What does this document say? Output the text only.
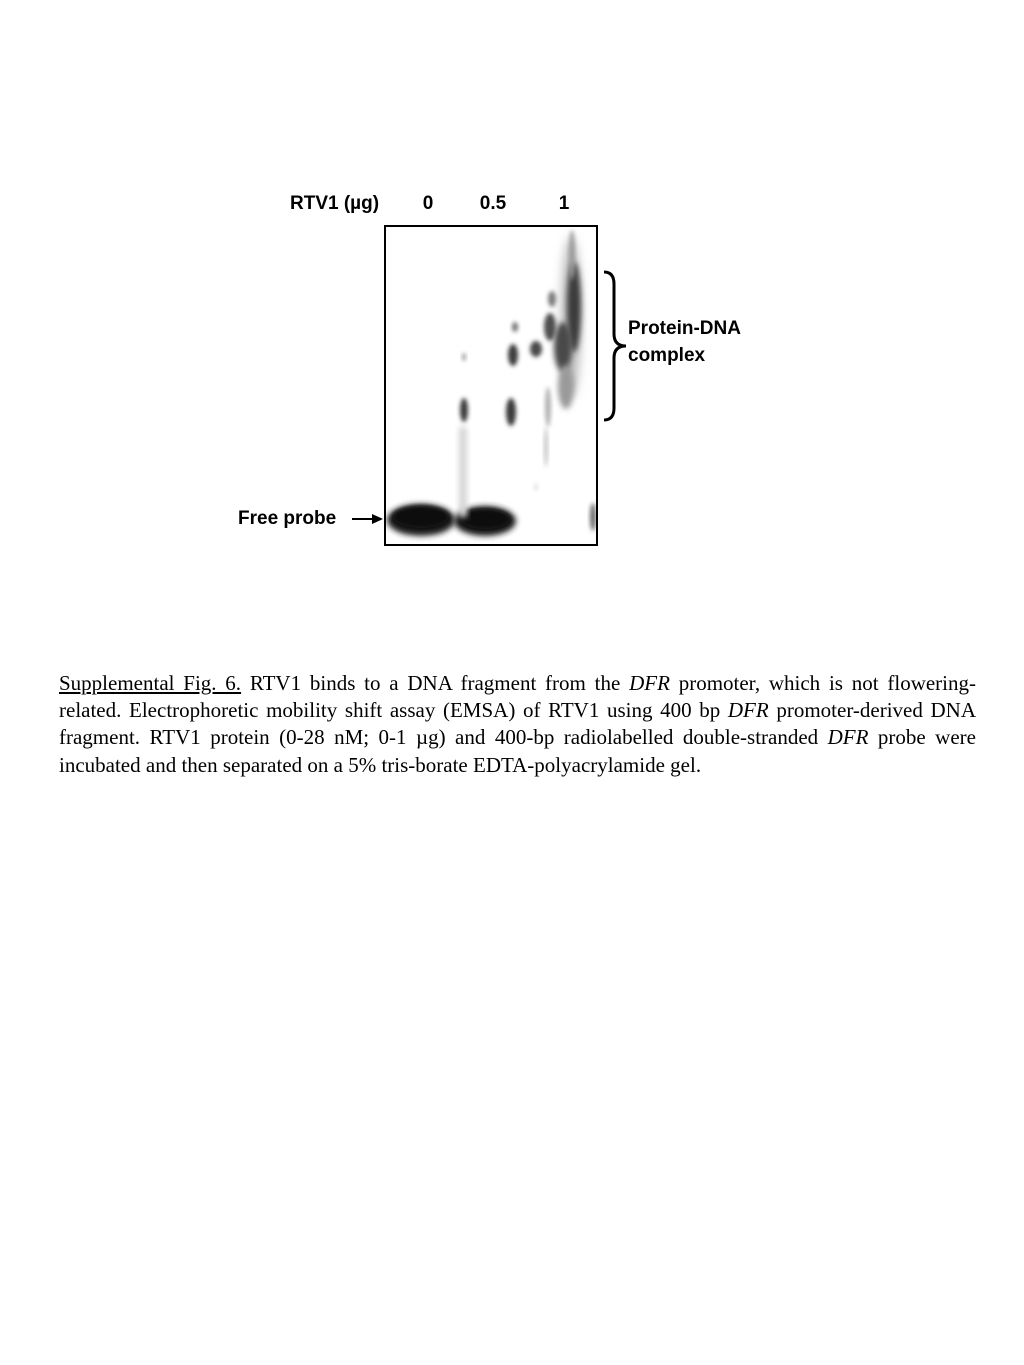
RTV1 (µg) 0 0.5	1
Free probe
Protein-DNA
complex

Supplemental Fig. 6. RTV1 binds to a DNA fragment from the DFR promoter, which is not flowering-related. Electrophoretic mobility shift assay (EMSA) of RTV1 using 400 bp DFR promoter-derived DNA fragment. RTV1 protein (0-28 nM; 0-1 µg) and 400-bp radiolabelled double-stranded DFR probe were incubated and then separated on a 5% tris-borate EDTA-polyacrylamide gel.
